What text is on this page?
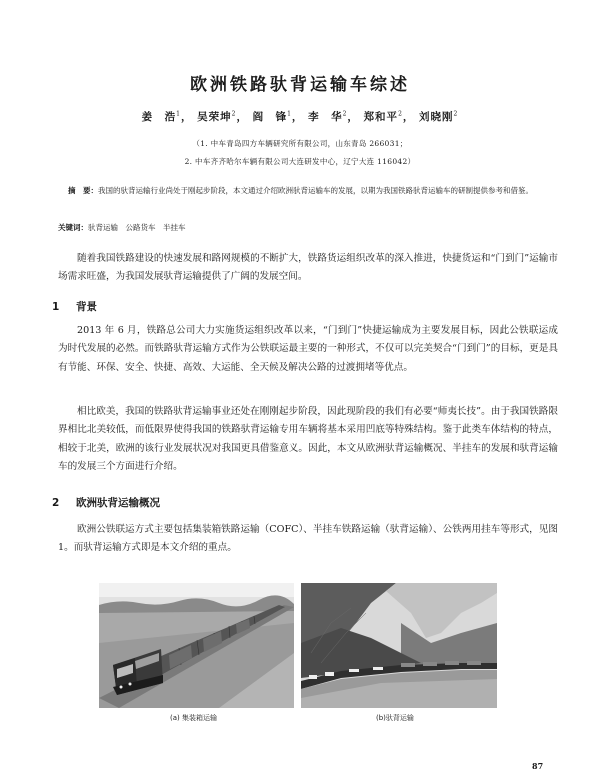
欧洲铁路驮背运输车综述
姜　浩$^1$， 吴荣坤$^2$， 阎　锋$^1$， 李　华$^2$， 郑和平$^2$， 刘晓刚$^2$
（1. 中车青岛四方车辆研究所有限公司，山东青岛 266031；
2. 中车齐齐哈尔车辆有限公司大连研发中心，辽宁大连 116042）
摘　要：我国的驮背运输行业尚处于刚起步阶段，本文通过介绍欧洲驮背运输车的发展，以期为我国铁路驮背运输车的研制提供参考和借鉴。
关键词：驮背运输　公路货车　半挂车
随着我国铁路建设的快速发展和路网规模的不断扩大，铁路货运组织改革的深入推进，快捷货运和“门到门”运输市场需求旺盛，为我国发展驮背运输提供了广阔的发展空间。
1 背景
2013 年 6 月，铁路总公司大力实施货运组织改革以来，“门到门”快捷运输成为主要发展目标，因此公铁联运成为时代发展的必然。而铁路驮背运输方式作为公铁联运最主要的一种形式，不仅可以完美契合“门到门”的目标，更是具有节能、环保、安全、快捷、高效、大运能、全天候及解决公路的过渡拥堵等优点。
相比欧美，我国的铁路驮背运输事业还处在刚刚起步阶段，因此现阶段的我们有必要“师夷长技”。由于我国铁路限界相比北美较低，而低限界使得我国的铁路驮背运输专用车辆将基本采用凹底等特殊结构。鉴于此类车体结构的特点，相较于北美，欧洲的该行业发展状况对我国更具借鉴意义。因此，本文从欧洲驮背运输概况、半挂车的发展和驮背运输车的发展三个方面进行介绍。
2 欧洲驮背运输概况
欧洲公铁联运方式主要包括集装箱铁路运输（COFC）、半挂车铁路运输（驮背运输）、公铁两用挂车等形式，见图 1。而驮背运输方式即是本文介绍的重点。
(a) 集装箱运输	(b)驮背运输
87
